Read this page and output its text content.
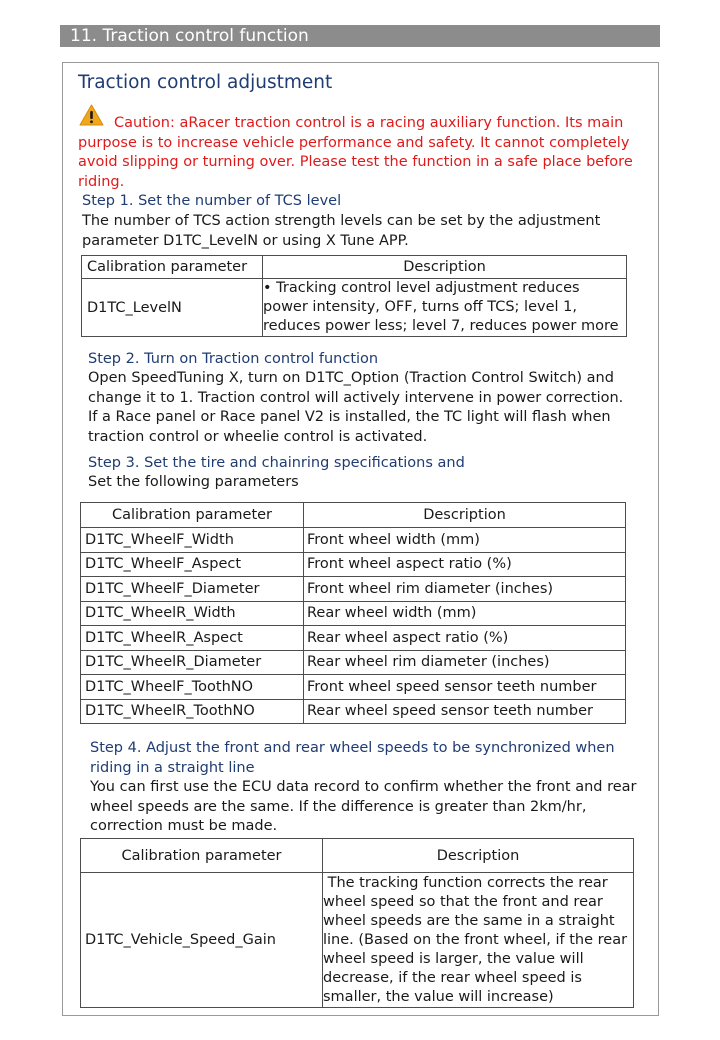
11. Traction control function
Traction control adjustment
Caution: aRacer traction control is a racing auxiliary function. Its main purpose is to increase vehicle performance and safety. It cannot completely avoid slipping or turning over. Please test the function in a safe place before riding.
Step 1. Set the number of TCS level
The number of TCS action strength levels can be set by the adjustment parameter D1TC_LevelN or using X Tune APP.
Calibration parameter	Description
D1TC_LevelN	• Tracking control level adjustment reduces power intensity, OFF, turns off TCS; level 1, reduces power less; level 7, reduces power more
Step 2. Turn on Traction control function
Open SpeedTuning X, turn on D1TC_Option (Traction Control Switch) and change it to 1. Traction control will actively intervene in power correction. If a Race panel or Race panel V2 is installed, the TC light will flash when traction control or wheelie control is activated.
Step 3. Set the tire and chainring specifications and
Set the following parameters
Calibration parameter	Description
D1TC_WheelF_Width	Front wheel width (mm)
D1TC_WheelF_Aspect	Front wheel aspect ratio (%)
D1TC_WheelF_Diameter	Front wheel rim diameter (inches)
D1TC_WheelR_Width	Rear wheel width (mm)
D1TC_WheelR_Aspect	Rear wheel aspect ratio (%)
D1TC_WheelR_Diameter	Rear wheel rim diameter (inches)
D1TC_WheelF_ToothNO	Front wheel speed sensor teeth number
D1TC_WheelR_ToothNO	Rear wheel speed sensor teeth number
Step 4. Adjust the front and rear wheel speeds to be synchronized when riding in a straight line
You can first use the ECU data record to confirm whether the front and rear wheel speeds are the same. If the difference is greater than 2km/hr, correction must be made.
Calibration parameter	Description
D1TC_Vehicle_Speed_Gain	The tracking function corrects the rear wheel speed so that the front and rear wheel speeds are the same in a straight line. (Based on the front wheel, if the rear wheel speed is larger, the value will decrease, if the rear wheel speed is smaller, the value will increase)
